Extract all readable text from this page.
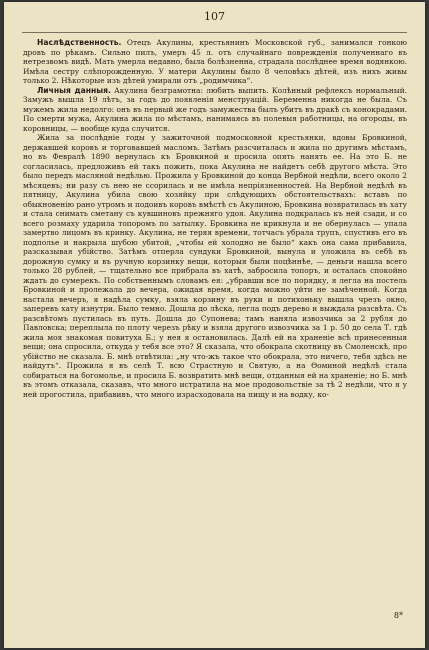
107

Наслѣдственность. Отецъ Акулины, крестьянинъ Московской губ., занимался гонкою дровъ по рѣкамъ. Сильно пилъ, умеръ 45 л. отъ случайнаго поврежденія полученнаго въ нетрезвомъ видѣ. Мать умерла недавно, была болѣзненна, страдала послѣднее время водянкою. Имѣла сестру слѣпорожденную. У матери Акулины было 8 человѣкъ дѣтей, изъ нихъ живы только 2. Нѣкоторые изъ дѣтей умирали отъ „родимчика“.

Личныя данныя. Акулина безграмотна: любить выпить. Колѣнный рефлексъ нормальный. Замужъ вышла 19 лѣтъ, за годъ до появленія менструацій. Беременна никогда не была. Съ мужемъ жила недолго: онъ въ первый же годъ замужества былъ убитъ въ дракѣ съ конокрадами. По смерти мужа, Акулина жила по мѣстамъ, нанимаясь въ полевыя работницы, на огороды, въ коровницы, — вообще куда случится.

Жила за послѣдніе годы у зажиточной подмосковной крестьянки, вдовы Бровкиной, державшей коровъ и торговавшей масломъ. Затѣмъ разсчиталась и жила по другимъ мѣстамъ, но въ Февралѣ 1890 вернулась къ Бровкиной и просила опять нанять ее. На это Б. не согласилась, предложивъ ей такъ пожить, пока Акулина не найдетъ себѣ другого мѣста. Это было передъ масляной недѣлью. Прожила у Бровкиной до конца Вербной недѣли, всего около 2 мѣсяцевъ; ни разу съ нею не ссорилась и не имѣла непріязненностей. На Вербной недѣлѣ въ пятницу, Акулина убила свою хозяйку при слѣдующихъ обстоятельствахъ: вставъ по обыкновенію рано утромъ и подоивъ коровъ вмѣстѣ съ Акулиною, Бровкина возвратилась въ хату и стала снимать сметану съ кувшиновъ прежняго удоя. Акулина подкралась къ ней сзади, и со всего розмаху ударила топоромъ по затылку. Бровкина не крикнула и не обернулась — упала замертво лицомъ въ кринку. Акулина, не теряя времени, тотчасъ убрала трупъ, спустивъ его въ подполье и накрыла шубою убитой, „чтобы ей холодно не было“ какъ она сама прибавила, разсказывая убійство. Затѣмъ отперла сундуки Бровкиной, вынула и уложила въ себѣ въ дорожную сумку и въ ручную корзинку вещи, которыя были поцѣннѣе, — деньги нашла всего только 28 рублей, — тщательно все прибрала въ хатѣ, забросила топоръ, и осталась спокойно ждать до сумерекъ. По собственнымъ словамъ ея: „убравши все по порядку, я легла на постель Бровкиной и пролежала до вечера, ожидая время, когда можно уйти не замѣченной. Когда настала вечеръ, я надѣла сумку, взяла корзину въ руки и потихоньку вышла чрезъ окно, заперевъ хату изнутри. Было темно. Дошла до лѣска, легла подъ дерево и выждала разсвѣта. Съ разсвѣтомъ пустилась въ путь. Дошла до Супонева; тамъ наняла извозчика за 2 рубля до Павловска; переплыла по плоту черезъ рѣку и взяла другого извозчика за 1 р. 50 до села Т. гдѣ жила моя знакомая повитуха Б.; у нея я остановилась. Далѣ ей на храненіе всѣ принесенныя вещи; она спросила, откуда у тебя все это? Я сказала, что обокрала скотницу въ Смоленскѣ, про убійство не сказала. Б. мнѣ отвѣтила: „ну что-жъ такое что обокрала, это ничего, тебя здѣсь не найдутъ“. Прожила я въ селѣ Т. всю Страстную и Святую, а на Ѳоминой недѣлѣ стала собираться на богомолье, и просила Б. возвратить мнѣ вещи, отданныя ей на храненіе; но Б. мнѣ въ этомъ отказала, сказавъ, что много истратила на мое продовольствіе за тѣ 2 недѣли, что я у ней прогостила, прибавивъ, что много израсходовала на пищу и на водку, ко-

8*
